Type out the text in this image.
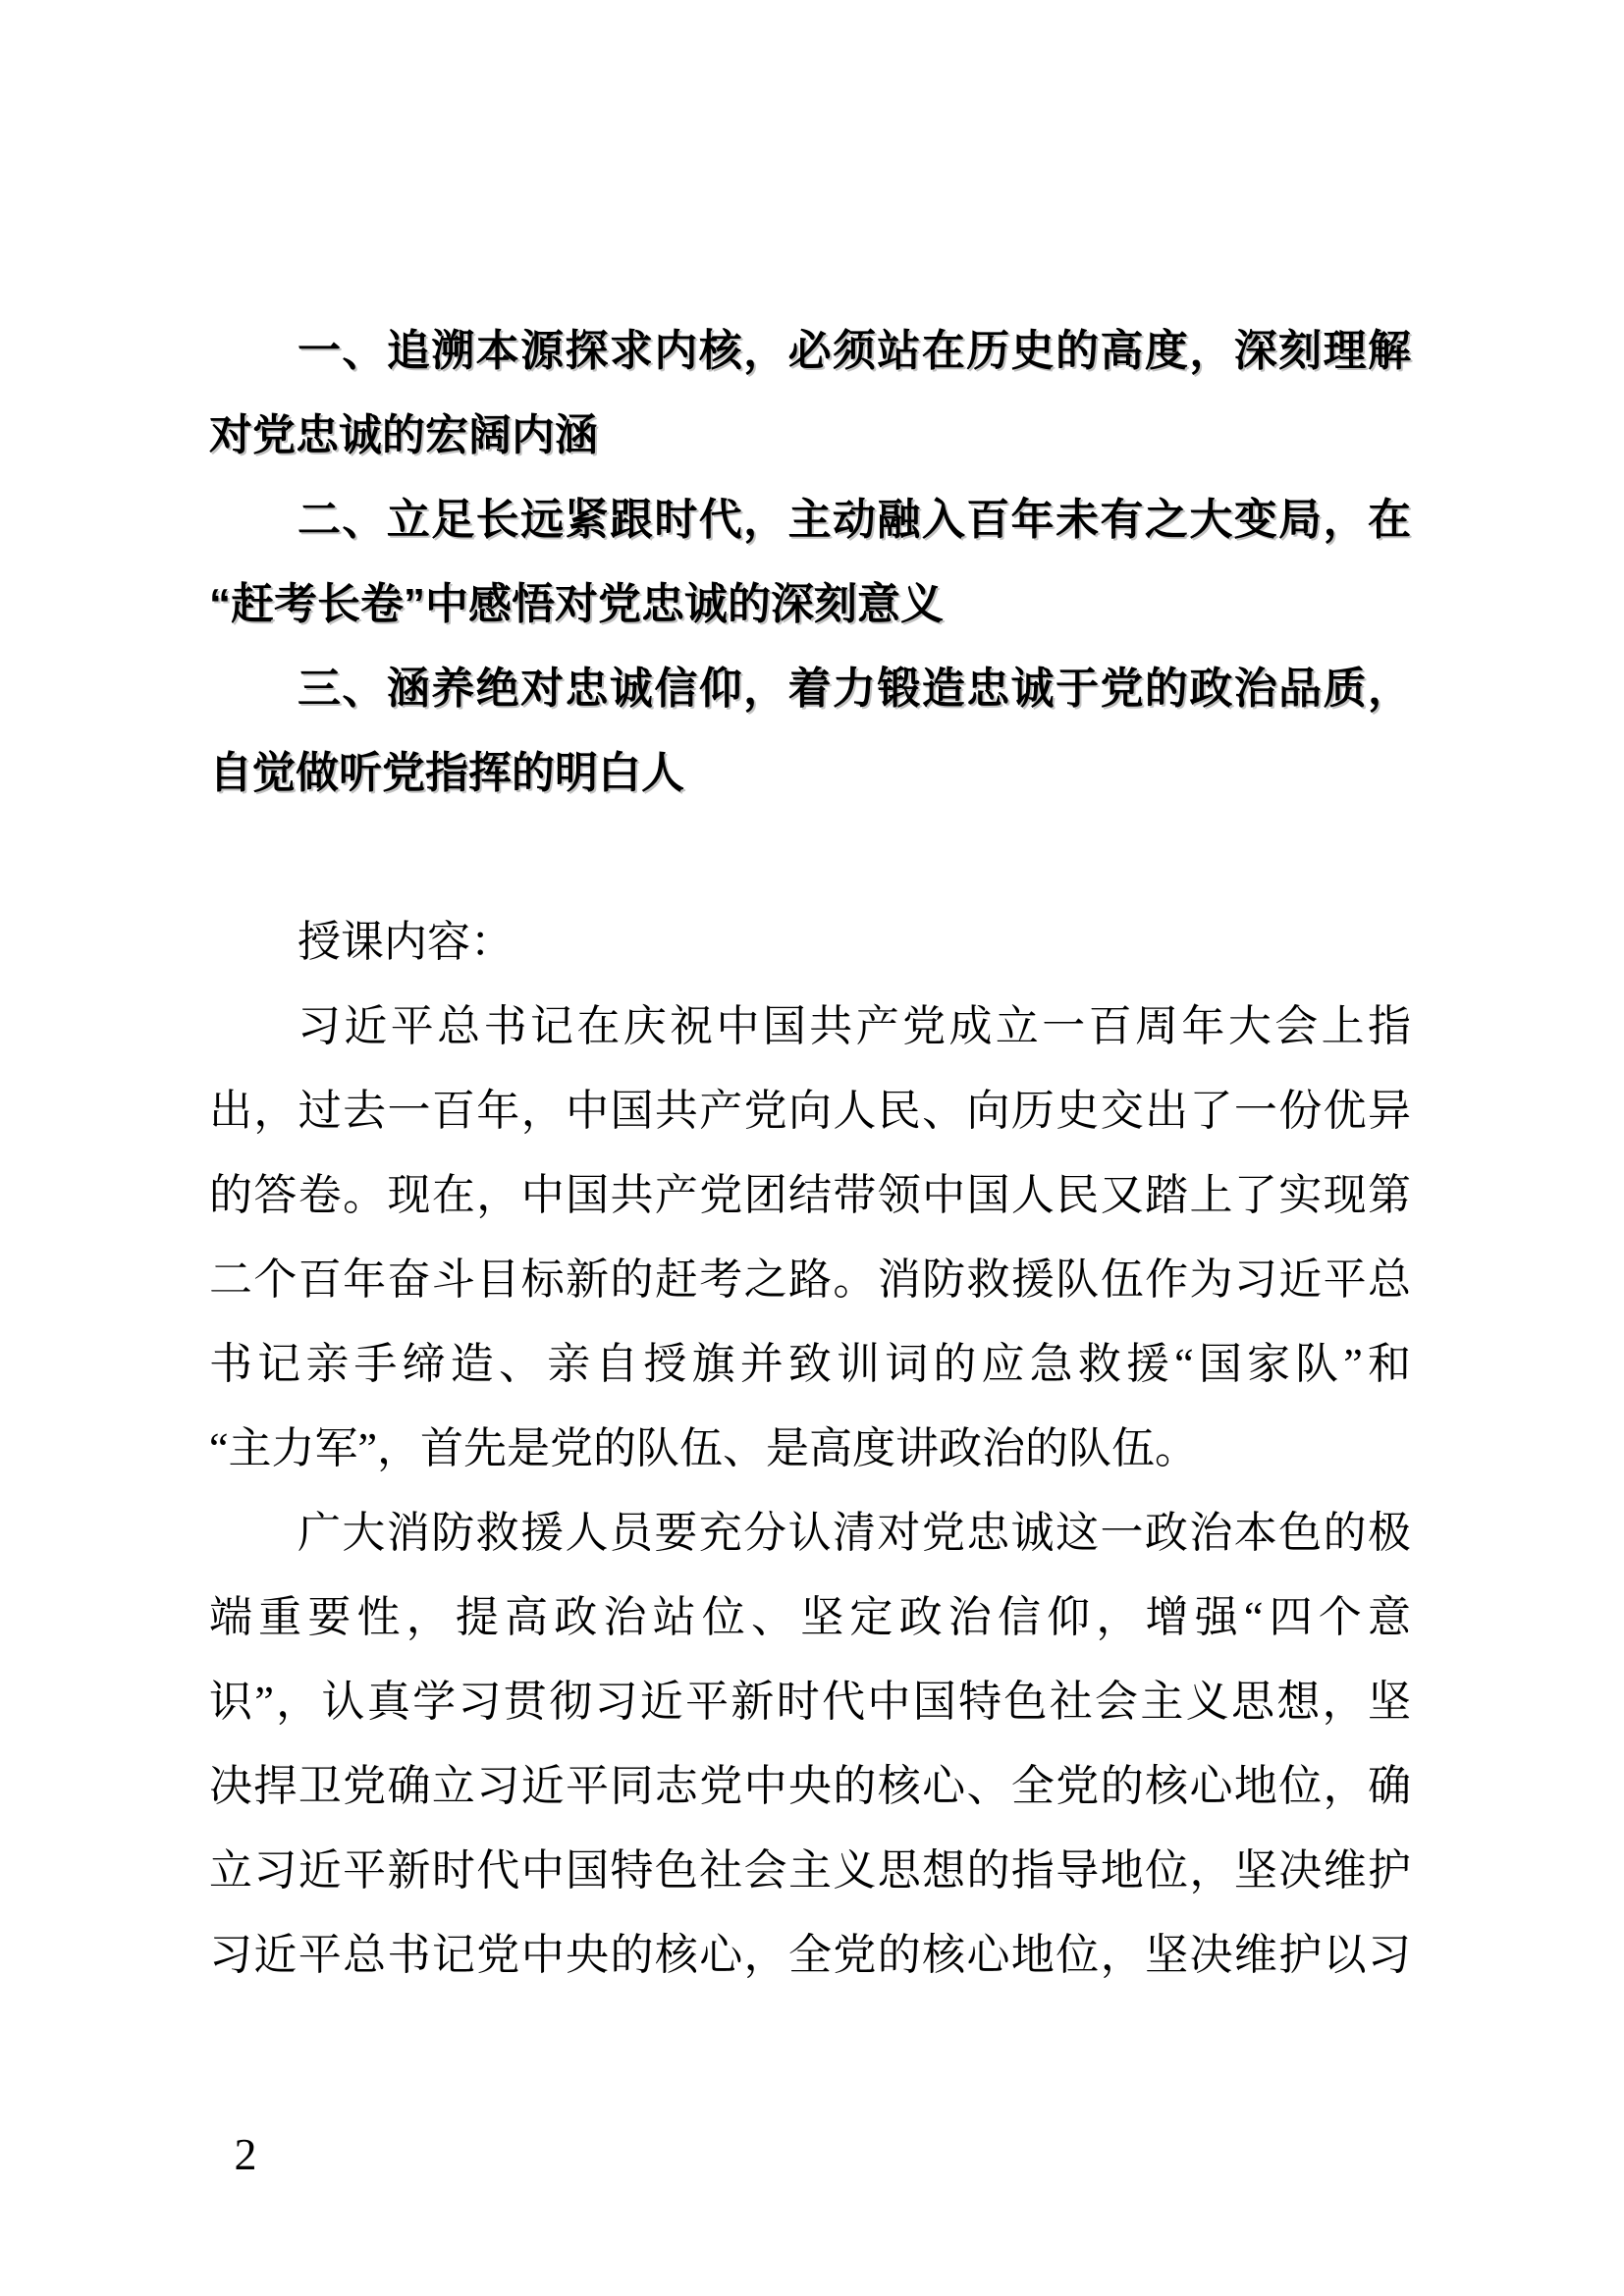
一、追溯本源探求内核，必须站在历史的高度，深刻理解
对党忠诚的宏阔内涵
二、立足长远紧跟时代，主动融入百年未有之大变局，在
“赶考长卷”中感悟对党忠诚的深刻意义
三、涵养绝对忠诚信仰，着力锻造忠诚于党的政治品质，
自觉做听党指挥的明白人
授课内容：
习近平总书记在庆祝中国共产党成立一百周年大会上指
出，过去一百年，中国共产党向人民、向历史交出了一份优异
的答卷。现在，中国共产党团结带领中国人民又踏上了实现第
二个百年奋斗目标新的赶考之路。消防救援队伍作为习近平总
书记亲手缔造、亲自授旗并致训词的应急救援“国家队”和
“主力军”，首先是党的队伍、是高度讲政治的队伍。
广大消防救援人员要充分认清对党忠诚这一政治本色的极
端重要性，提高政治站位、坚定政治信仰，增强“四个意
识”，认真学习贯彻习近平新时代中国特色社会主义思想，坚
决捍卫党确立习近平同志党中央的核心、全党的核心地位，确
立习近平新时代中国特色社会主义思想的指导地位，坚决维护
习近平总书记党中央的核心，全党的核心地位，坚决维护以习
2
